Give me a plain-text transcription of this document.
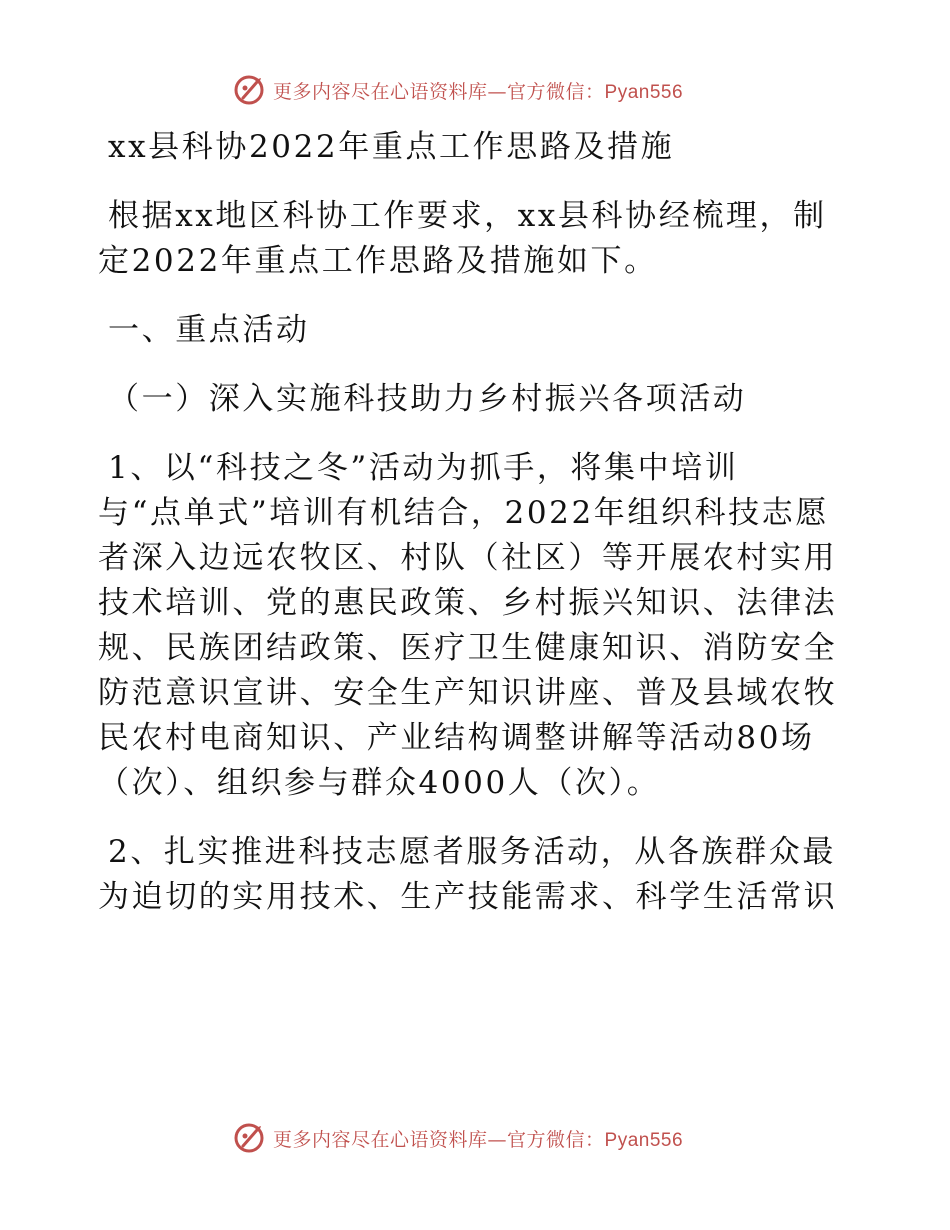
更多内容尽在心语资料库—官方微信：Pyan556
xx县科协2022年重点工作思路及措施
根据xx地区科协工作要求，xx县科协经梳理，制
定2022年重点工作思路及措施如下。
一、重点活动
（一）深入实施科技助力乡村振兴各项活动
1、以“科技之冬”活动为抓手，将集中培训
与“点单式”培训有机结合，2022年组织科技志愿
者深入边远农牧区、村队（社区）等开展农村实用
技术培训、党的惠民政策、乡村振兴知识、法律法
规、民族团结政策、医疗卫生健康知识、消防安全
防范意识宣讲、安全生产知识讲座、普及县域农牧
民农村电商知识、产业结构调整讲解等活动80场
（次）、组织参与群众4000人（次）。
2、扎实推进科技志愿者服务活动，从各族群众最
为迫切的实用技术、生产技能需求、科学生活常识
更多内容尽在心语资料库—官方微信：Pyan556
